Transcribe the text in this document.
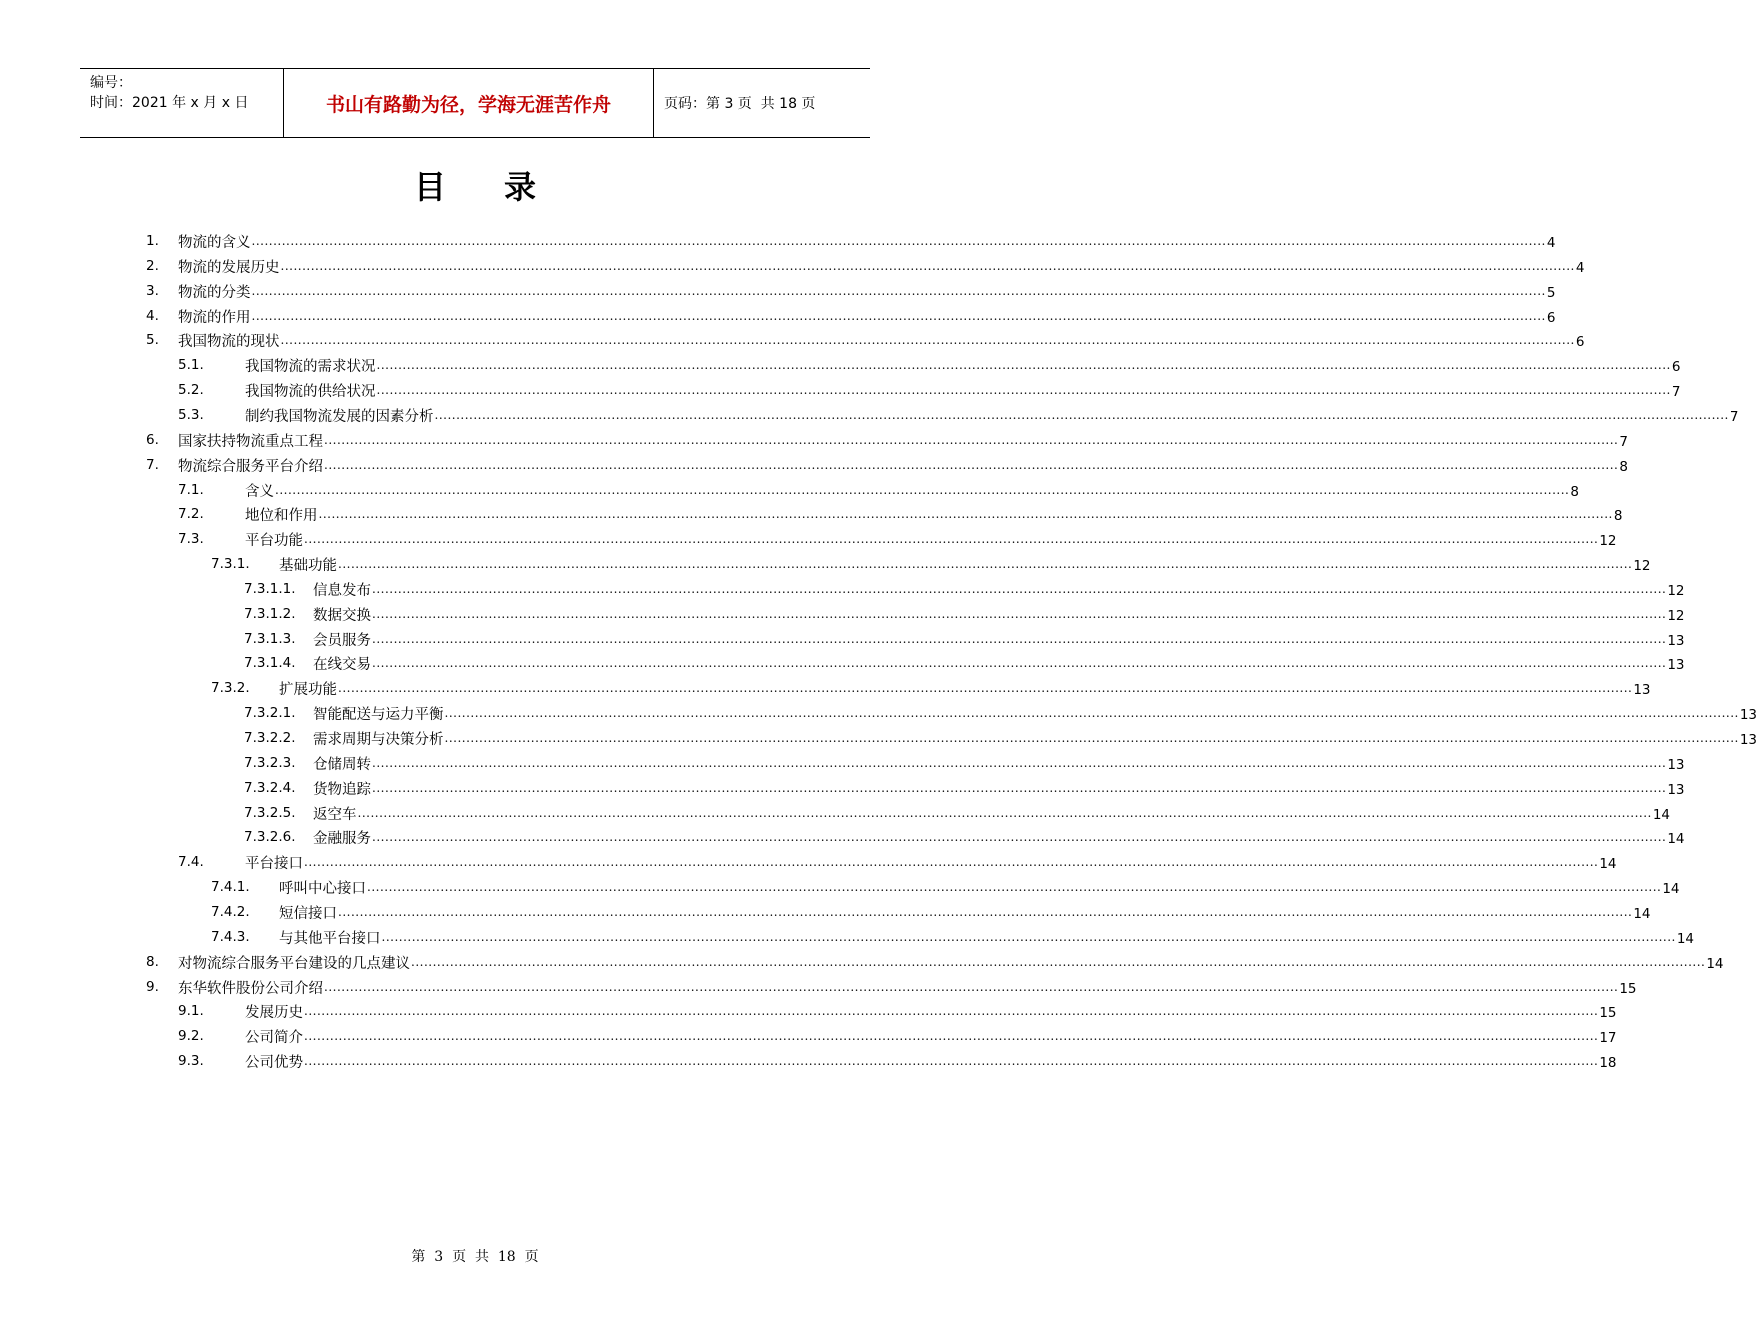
编号：
时间：2021 年 x 月 x 日	书山有路勤为径，学海无涯苦作舟	页码：第 3 页  共 18 页
目 录
1. 物流的含义 ............................................................................................................................................................................................................................................................................................................ 4
2. 物流的发展历史 ............................................................................................................................................................................................................................................................................................................ 4
3. 物流的分类 ............................................................................................................................................................................................................................................................................................................ 5
4. 物流的作用 ............................................................................................................................................................................................................................................................................................................ 6
5. 我国物流的现状 ............................................................................................................................................................................................................................................................................................................ 6
5.1.	我国物流的需求状况 ............................................................................................................................................................................................................................................................................................................ 6
5.2.	我国物流的供给状况 ............................................................................................................................................................................................................................................................................................................ 7
5.3.	制约我国物流发展的因素分析 ............................................................................................................................................................................................................................................................................................................ 7
6. 国家扶持物流重点工程 ............................................................................................................................................................................................................................................................................................................ 7
7. 物流综合服务平台介绍 ............................................................................................................................................................................................................................................................................................................ 8
7.1.	含义 ............................................................................................................................................................................................................................................................................................................ 8
7.2.	地位和作用 ............................................................................................................................................................................................................................................................................................................ 8
7.3.	平台功能 ............................................................................................................................................................................................................................................................................................................ 12
7.3.1. 基础功能 ............................................................................................................................................................................................................................................................................................................ 12
7.3.1.1. 信息发布 ............................................................................................................................................................................................................................................................................................................ 12
7.3.1.2. 数据交换 ............................................................................................................................................................................................................................................................................................................ 12
7.3.1.3. 会员服务 ............................................................................................................................................................................................................................................................................................................ 13
7.3.1.4. 在线交易 ............................................................................................................................................................................................................................................................................................................ 13
7.3.2. 扩展功能 ............................................................................................................................................................................................................................................................................................................ 13
7.3.2.1. 智能配送与运力平衡 ............................................................................................................................................................................................................................................................................................................ 13
7.3.2.2. 需求周期与决策分析 ............................................................................................................................................................................................................................................................................................................ 13
7.3.2.3. 仓储周转 ............................................................................................................................................................................................................................................................................................................ 13
7.3.2.4. 货物追踪 ............................................................................................................................................................................................................................................................................................................ 13
7.3.2.5. 返空车 ............................................................................................................................................................................................................................................................................................................ 14
7.3.2.6. 金融服务 ............................................................................................................................................................................................................................................................................................................ 14
7.4.	平台接口 ............................................................................................................................................................................................................................................................................................................ 14
7.4.1. 呼叫中心接口 ............................................................................................................................................................................................................................................................................................................ 14
7.4.2. 短信接口 ............................................................................................................................................................................................................................................................................................................ 14
7.4.3. 与其他平台接口 ............................................................................................................................................................................................................................................................................................................ 14
8. 对物流综合服务平台建设的几点建议 ............................................................................................................................................................................................................................................................................................................ 14
9. 东华软件股份公司介绍 ............................................................................................................................................................................................................................................................................................................ 15
9.1.	发展历史 ............................................................................................................................................................................................................................................................................................................ 15
9.2.	公司简介 ............................................................................................................................................................................................................................................................................................................ 17
9.3.	公司优势 ............................................................................................................................................................................................................................................................................................................ 18
第  3  页  共  18  页
